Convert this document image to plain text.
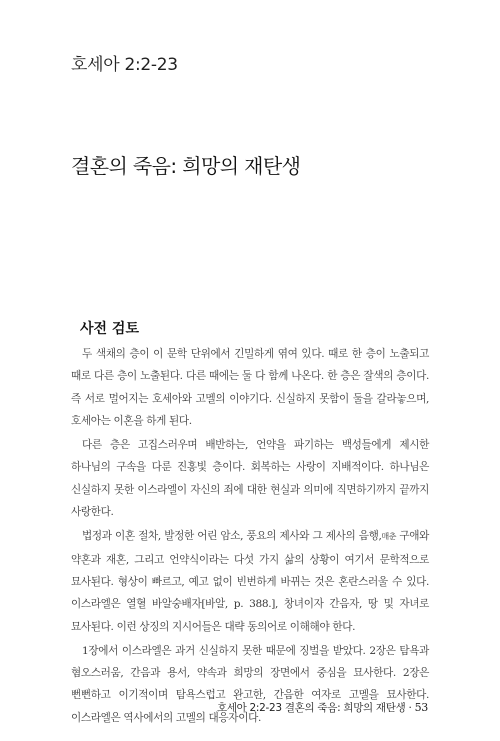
호세아 2:2-23
결혼의 죽음: 희망의 재탄생
사전 검토

두 색채의 층이 이 문학 단위에서 긴밀하게 엮여 있다. 때로 한 층이 노출되고 때로 다른 층이 노출된다. 다른 때에는 둘 다 함께 나온다. 한 층은 잘색의 층이다. 즉 서로 멀어지는 호세아와 고멜의 이야기다. 신실하지 못함이 둘을 갈라놓으며, 호세아는 이혼을 하게 된다.

다른 층은 고집스러우며 배반하는, 언약을 파기하는 백성들에게 제시한 하나님의 구속을 다룬 진홍빛 층이다. 회복하는 사랑이 지배적이다. 하나님은 신실하지 못한 이스라엘이 자신의 죄에 대한 현실과 의미에 직면하기까지 끝까지 사랑한다.

법정과 이혼 절차, 발정한 어린 암소, 풍요의 제사와 그 제사의 음행,매춘 구애와 약혼과 재혼, 그리고 언약식이라는 다섯 가지 삶의 상황이 여기서 문학적으로 묘사된다. 형상이 빠르고, 예고 없이 빈번하게 바뀌는 것은 혼란스러울 수 있다. 이스라엘은 열혈 바알숭배자[바알, p. 388.], 창녀이자 간음자, 땅 및 자녀로 묘사된다. 이런 상징의 지시어들은 대략 동의어로 이해해야 한다.

1장에서 이스라엘은 과거 신실하지 못한 때문에 징벌을 받았다. 2장은 탐욕과 혐오스러움, 간음과 용서, 약속과 희망의 장면에서 중심을 묘사한다. 2장은 뻔뻔하고 이기적이며 탐욕스럽고 완고한, 간음한 여자로 고멜을 묘사한다. 이스라엘은 역사에서의 고멜의 대응자이다.

호세아 2:2-23 결혼의 죽음: 희망의 재탄생 · 53
